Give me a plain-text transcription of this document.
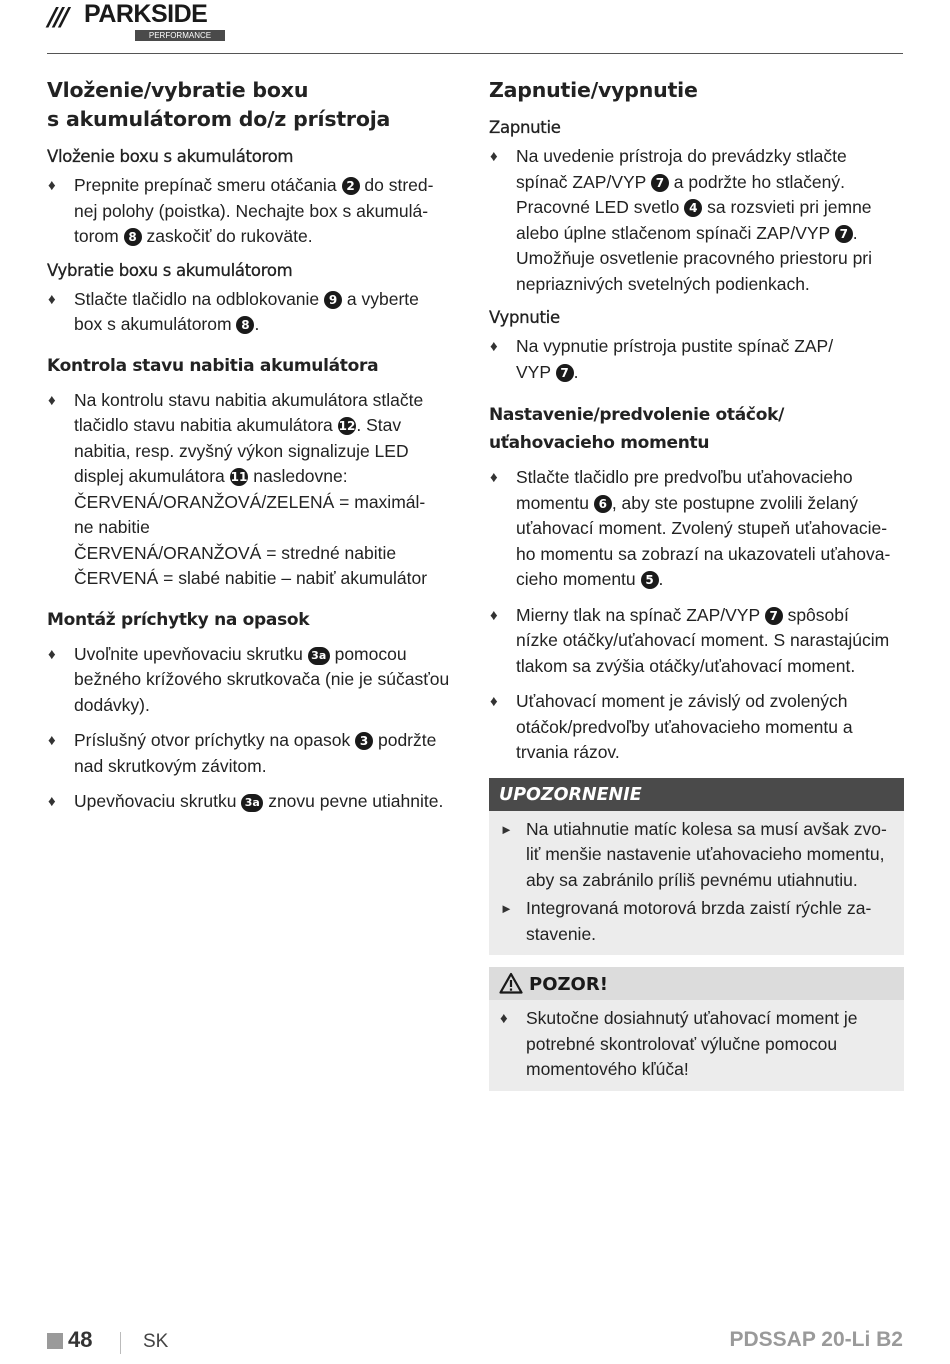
/// PARKSIDE
PERFORMANCE
Vloženie/vybratie boxu
s akumulátorom do/z prístroja
Vloženie boxu s akumulátorom
♦ Prepnite prepínač smeru otáčania 2 do stred-
nej polohy (poistka). Nechajte box s akumulá-
torom 8 zaskočiť do rukoväte.
Vybratie boxu s akumulátorom
♦ Stlačte tlačidlo na odblokovanie 9 a vyberte
box s akumulátorom 8 .
Kontrola stavu nabitia akumulátora
♦ Na kontrolu stavu nabitia akumulátora stlačte
tlačidlo stavu nabitia akumulátora 12. Stav
nabitia, resp. zvyšný výkon signalizuje LED
displej akumulátora 11 nasledovne:
ČERVENÁ/ORANŽOVÁ/ZELENÁ = maximál-
ne nabitie
ČERVENÁ/ORANŽOVÁ = stredné nabitie
ČERVENÁ = slabé nabitie – nabiť akumulátor
Montáž príchytky na opasok
♦ Uvoľnite upevňovaciu skrutku 3a pomocou
bežného krížového skrutkovača (nie je súčasťou
dodávky).
♦ Príslušný otvor príchytky na opasok 3 podržte
nad skrutkovým závitom.
♦ Upevňovaciu skrutku 3a znovu pevne utiahnite.
Zapnutie/vypnutie
Zapnutie
♦ Na uvedenie prístroja do prevádzky stlačte
spínač ZAP/VYP 7 a podržte ho stlačený.
Pracovné LED svetlo 4 sa rozsvieti pri jemne
alebo úplne stlačenom spínači ZAP/VYP 7 .
Umožňuje osvetlenie pracovného priestoru pri
nepriaznivých svetelných podienkach.
Vypnutie
♦ Na vypnutie prístroja pustite spínač ZAP/
VYP 7 .
Nastavenie/predvolenie otáčok/
uťahovacieho momentu
♦ Stlačte tlačidlo pre predvoľbu uťahovacieho
momentu 6 , aby ste postupne zvolili želaný
uťahovací moment. Zvolený stupeň uťahovacie-
ho momentu sa zobrazí na ukazovateli uťahova-
cieho momentu 5 .
♦ Mierny tlak na spínač ZAP/VYP 7 spôsobí
nízke otáčky/uťahovací moment. S narastajúcim
tlakom sa zvýšia otáčky/uťahovací moment.
♦ Uťahovací moment je závislý od zvolených
otáčok/predvoľby uťahovacieho momentu a
trvania rázov.
UPOZORNENIE
► Na utiahnutie matíc kolesa sa musí avšak zvo-
liť menšie nastavenie uťahovacieho momentu,
aby sa zabránilo príliš pevnému utiahnutiu.
► Integrovaná motorová brzda zaistí rýchle za-
stavenie.
POZOR!
♦ Skutočne dosiahnutý uťahovací moment je
potrebné skontrolovať výlučne pomocou
momentového kľúča!
48	SK	PDSSAP 20-Li B2
